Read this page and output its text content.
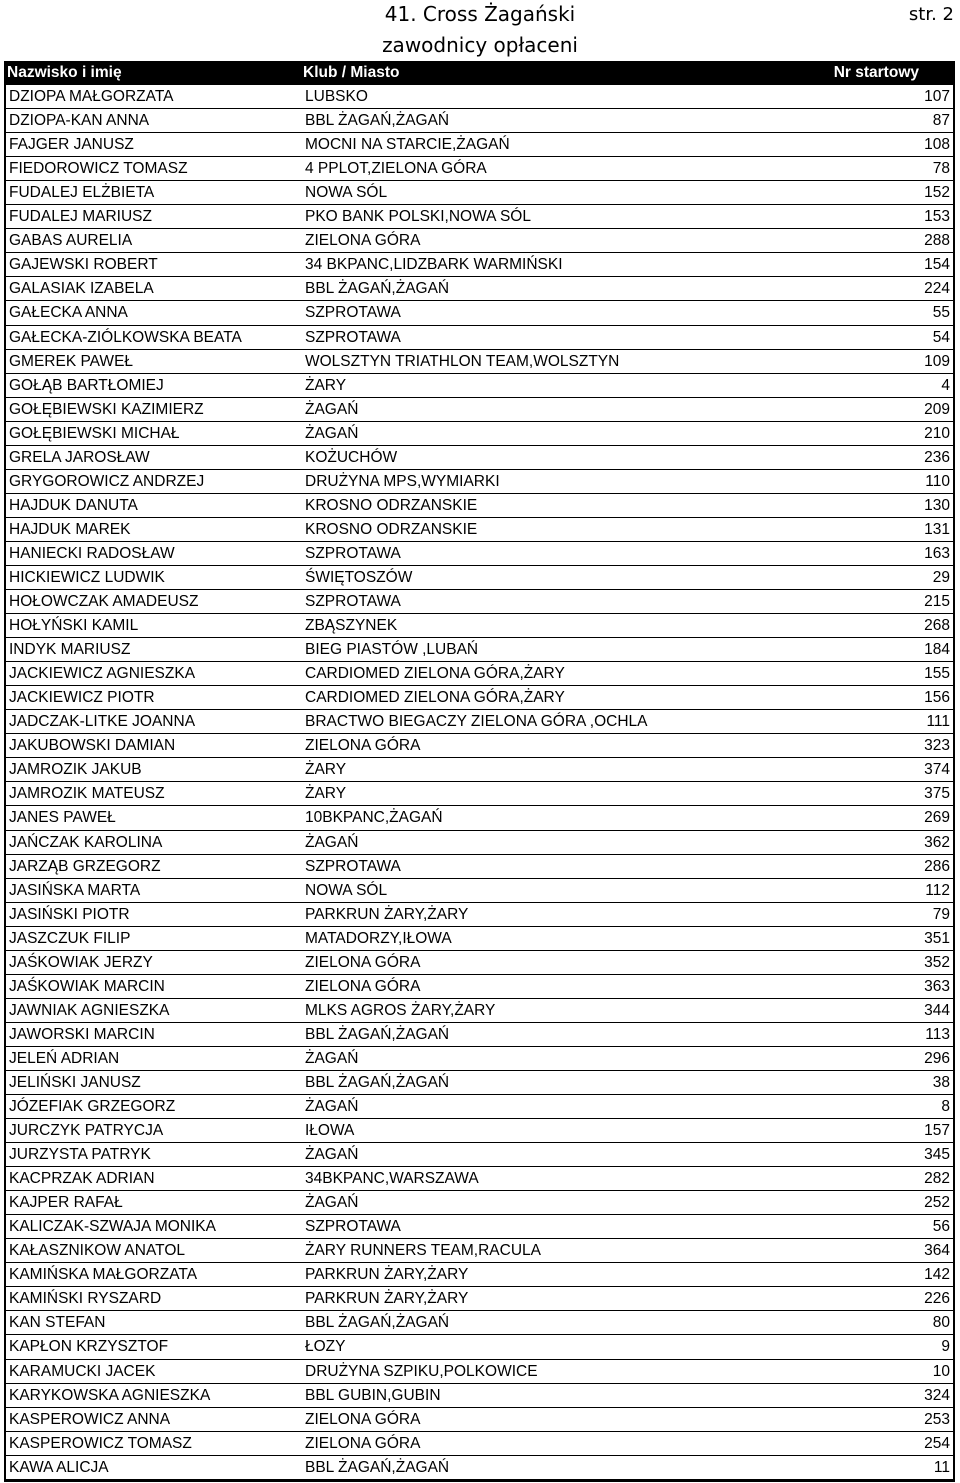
41. Cross Żagański
zawodnicy opłaceni
str. 2
Nazwisko i imię	Klub / Miasto	Nr startowy
DZIOPA MAŁGORZATA	LUBSKO	107
DZIOPA-KAN ANNA	BBL ŻAGAŃ,ŻAGAŃ	87
FAJGER JANUSZ	MOCNI NA STARCIE,ŻAGAŃ	108
FIEDOROWICZ TOMASZ	4 PPLOT,ZIELONA GÓRA	78
FUDALEJ ELŻBIETA	NOWA SÓL	152
FUDALEJ MARIUSZ	PKO BANK POLSKI,NOWA SÓL	153
GABAS AURELIA	ZIELONA GÓRA	288
GAJEWSKI ROBERT	34 BKPANC,LIDZBARK WARMIŃSKI	154
GALASIAK IZABELA	BBL ŻAGAŃ,ŻAGAŃ	224
GAŁECKA ANNA	SZPROTAWA	55
GAŁECKA-ZIÓLKOWSKA BEATA	SZPROTAWA	54
GMEREK PAWEŁ	WOLSZTYN TRIATHLON TEAM,WOLSZTYN	109
GOŁĄB BARTŁOMIEJ	ŻARY	4
GOŁĘBIEWSKI KAZIMIERZ	ŻAGAŃ	209
GOŁĘBIEWSKI MICHAŁ	ŻAGAŃ	210
GRELA JAROSŁAW	KOŻUCHÓW	236
GRYGOROWICZ ANDRZEJ	DRUŻYNA MPS,WYMIARKI	110
HAJDUK DANUTA	KROSNO ODRZANSKIE	130
HAJDUK MAREK	KROSNO ODRZANSKIE	131
HANIECKI RADOSŁAW	SZPROTAWA	163
HICKIEWICZ LUDWIK	ŚWIĘTOSZÓW	29
HOŁOWCZAK AMADEUSZ	SZPROTAWA	215
HOŁYŃSKI KAMIL	ZBĄSZYNEK	268
INDYK MARIUSZ	BIEG PIASTÓW ,LUBAŃ	184
JACKIEWICZ AGNIESZKA	CARDIOMED ZIELONA GÓRA,ŻARY	155
JACKIEWICZ PIOTR	CARDIOMED ZIELONA GÓRA,ŻARY	156
JADCZAK-LITKE JOANNA	BRACTWO BIEGACZY ZIELONA GÓRA ,OCHLA	111
JAKUBOWSKI DAMIAN	ZIELONA GÓRA	323
JAMROZIK JAKUB	ŻARY	374
JAMROZIK MATEUSZ	ŻARY	375
JANES PAWEŁ	10BKPANC,ŻAGAŃ	269
JAŃCZAK KAROLINA	ŻAGAŃ	362
JARZĄB GRZEGORZ	SZPROTAWA	286
JASIŃSKA MARTA	NOWA SÓL	112
JASIŃSKI PIOTR	PARKRUN ŻARY,ŻARY	79
JASZCZUK FILIP	MATADORZY,IŁOWA	351
JAŚKOWIAK JERZY	ZIELONA GÓRA	352
JAŚKOWIAK MARCIN	ZIELONA GÓRA	363
JAWNIAK AGNIESZKA	MLKS AGROS ŻARY,ŻARY	344
JAWORSKI MARCIN	BBL ŻAGAŃ,ŻAGAŃ	113
JELEŃ ADRIAN	ŻAGAŃ	296
JELIŃSKI JANUSZ	BBL ŻAGAŃ,ŻAGAŃ	38
JÓZEFIAK GRZEGORZ	ŻAGAŃ	8
JURCZYK PATRYCJA	IŁOWA	157
JURZYSTA PATRYK	ŻAGAŃ	345
KACPRZAK ADRIAN	34BKPANC,WARSZAWA	282
KAJPER RAFAŁ	ŻAGAŃ	252
KALICZAK-SZWAJA MONIKA	SZPROTAWA	56
KAŁASZNIKOW ANATOL	ŻARY RUNNERS TEAM,RACULA	364
KAMIŃSKA MAŁGORZATA	PARKRUN ŻARY,ŻARY	142
KAMIŃSKI RYSZARD	PARKRUN ŻARY,ŻARY	226
KAN STEFAN	BBL ŻAGAŃ,ŻAGAŃ	80
KAPŁON KRZYSZTOF	ŁOZY	9
KARAMUCKI JACEK	DRUŻYNA SZPIKU,POLKOWICE	10
KARYKOWSKA AGNIESZKA	BBL GUBIN,GUBIN	324
KASPEROWICZ ANNA	ZIELONA GÓRA	253
KASPEROWICZ TOMASZ	ZIELONA GÓRA	254
KAWA ALICJA	BBL ŻAGAŃ,ŻAGAŃ	11
